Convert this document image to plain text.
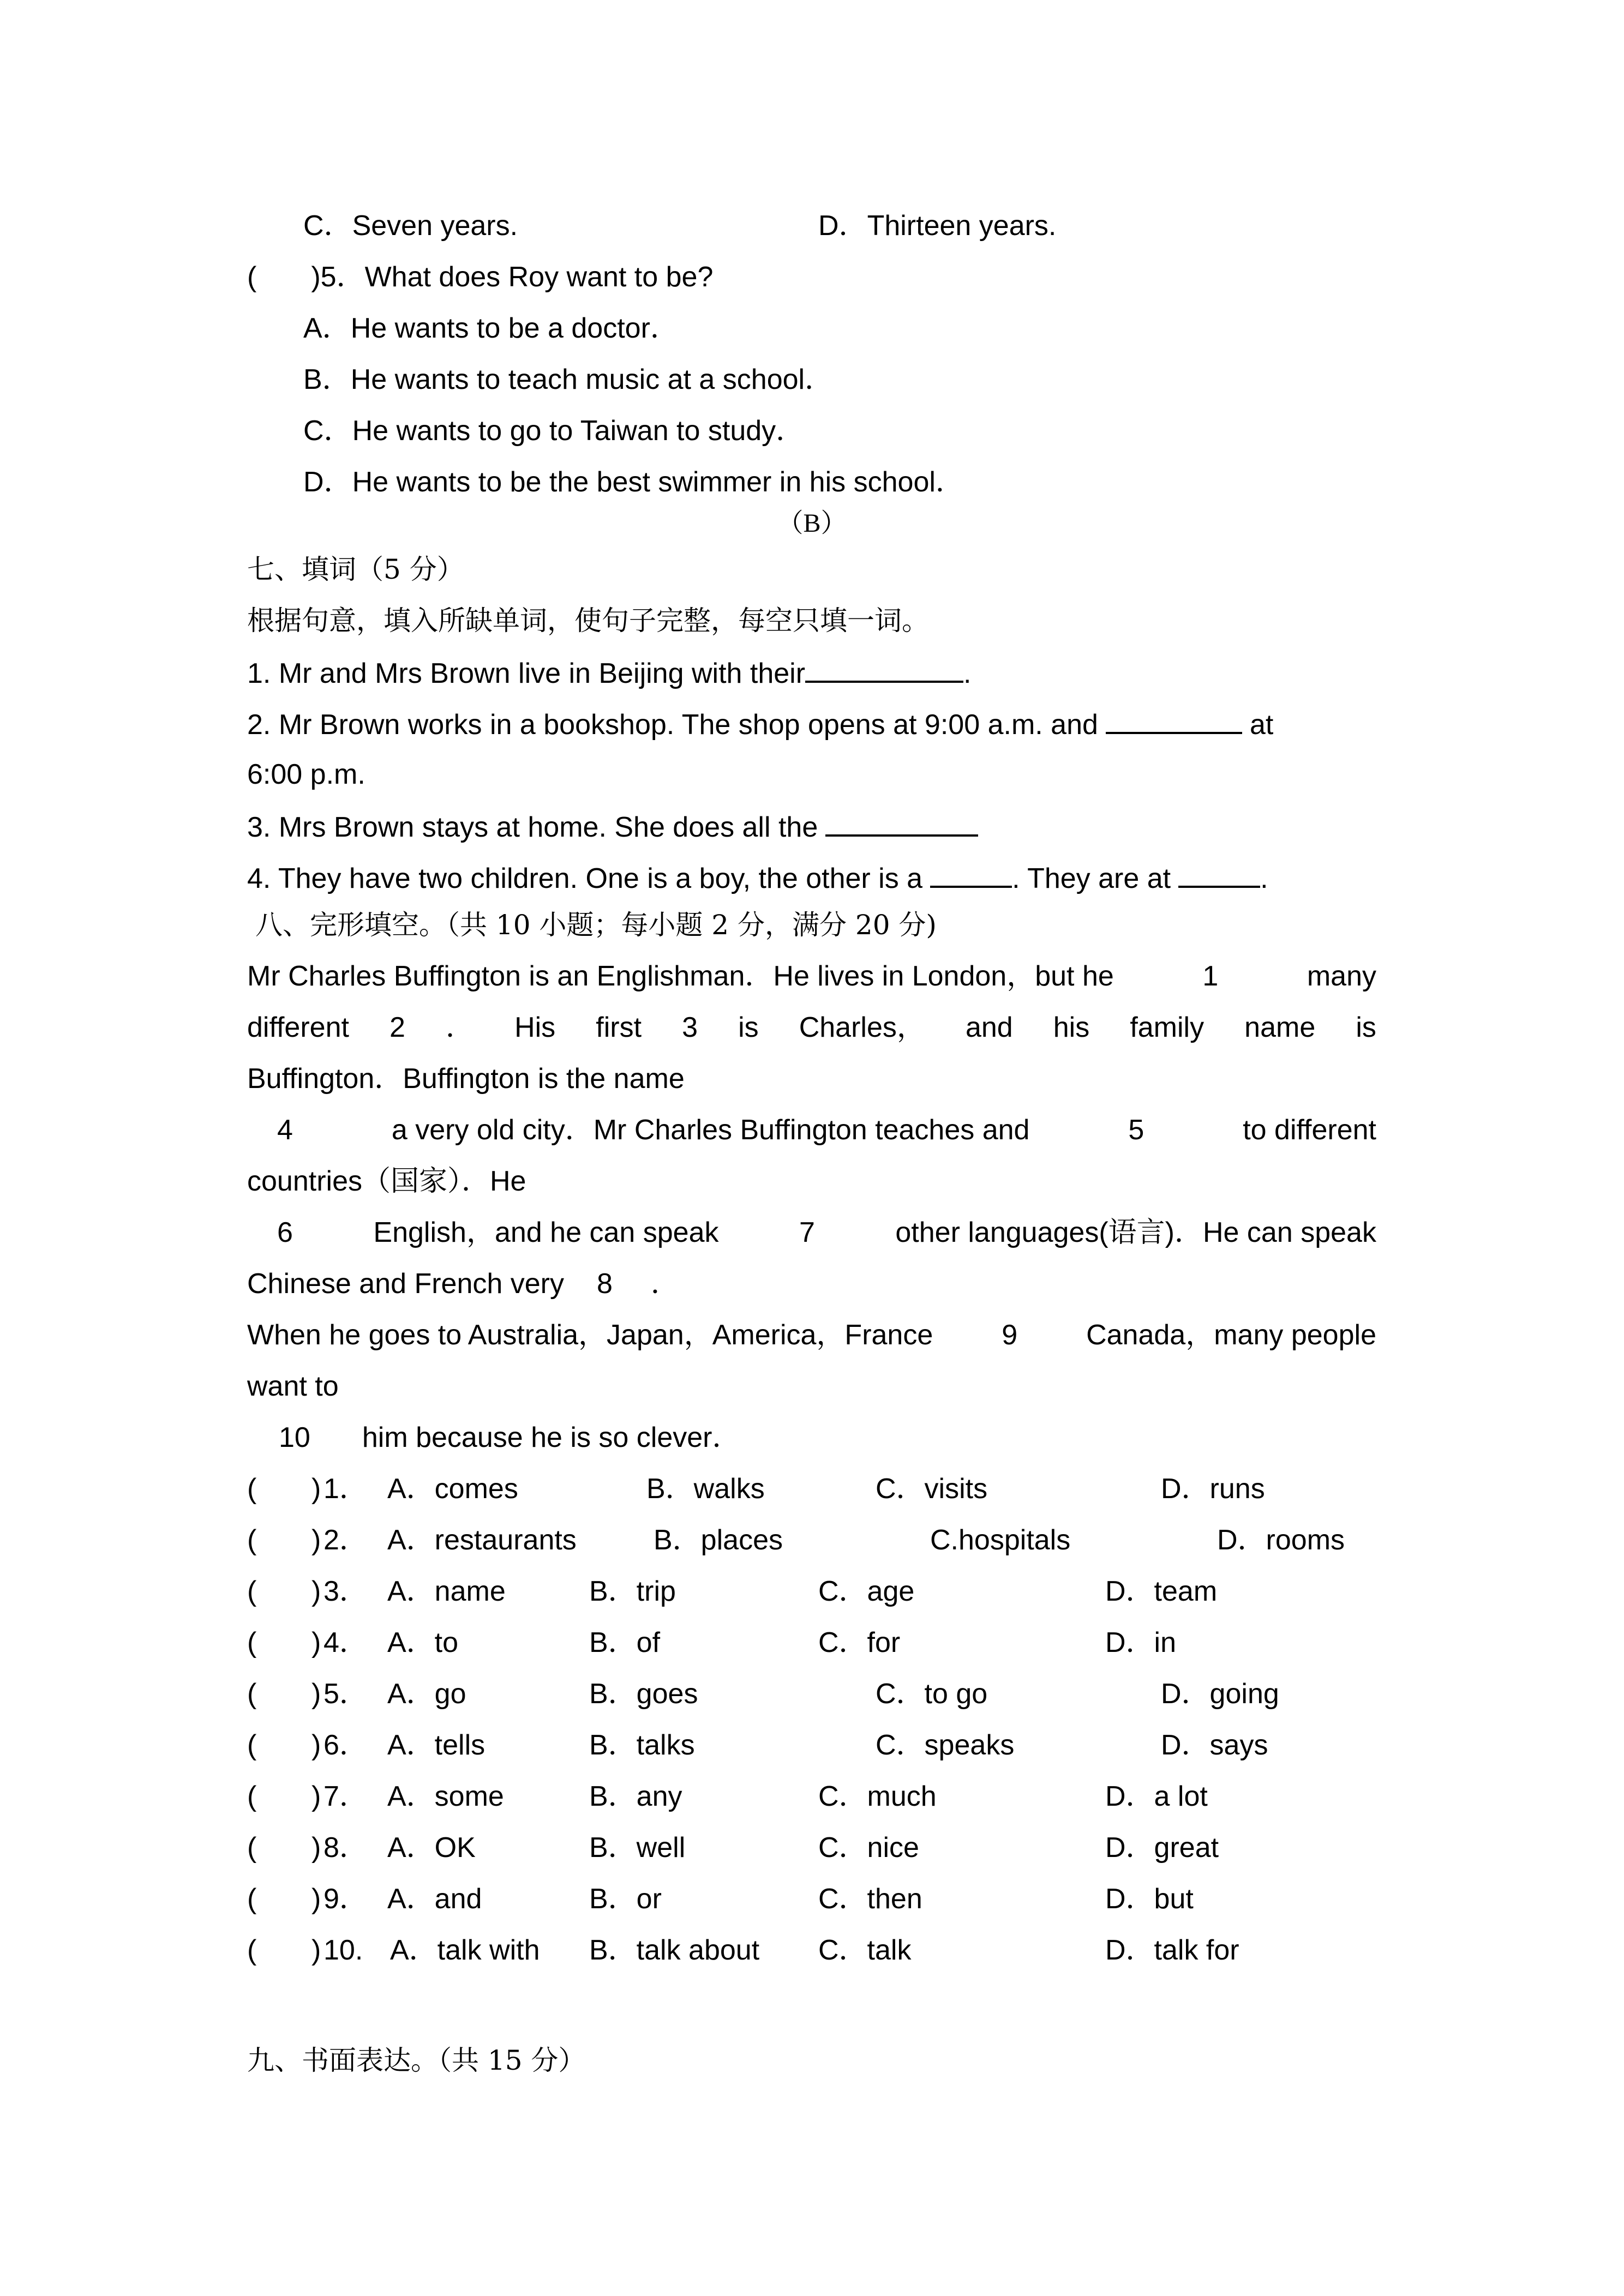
C．Seven years.	D．Thirteen years.
( )5．What does Roy want to be?
A．He wants to be a doctor．
B．He wants to teach music at a school．
C．He wants to go to Taiwan to study．
D．He wants to be the best swimmer in his school．
（B）
七、填词（5 分）
根据句意，填入所缺单词，使句子完整，每空只填一词。
1. Mr and Mrs Brown live in Beijing with their	.
2. Mr Brown works in a bookshop. The shop opens at 9:00 a.m. and	at
6:00 p.m.
3. Mrs Brown stays at home. She does all the
4. They have two children. One is a boy, the other is a	. They are at	.
八、完形填空。（共 10 小题；每小题 2 分，满分 20 分)
Mr Charles Buffington is an Englishman．He lives in London，but he	1	many
different 2 ． His first 3 is Charles， and his family name is
Buffington．Buffington is the name
4	a very old city．Mr Charles Buffington teaches and	5	to different
countries（国家）．He
6	English，and he can speak	7	other languages(语言)．He can speak
Chinese and French very 8 ．
When he goes to Australia，Japan，America，France 9 Canada，many people
want to
10 him because he is so clever．
( ) 1． A．comes	B．walks	C．visits	D．runs
( ) 2． A．restaurants	B．places	C.hospitals	D．rooms
( ) 3． A．name	B．trip	C．age	D．team
( ) 4． A．to	B．of	C．for	D．in
( ) 5． A．go	B．goes	C．to go	D．going
( ) 6． A．tells	B．talks	C．speaks	D．says
( ) 7． A．some	B．any	C．much	D．a lot
( ) 8． A．OK	B．well	C．nice	D．great
( ) 9． A．and	B．or	C．then	D．but
( ) 10. A．talk with B．talk about C．talk	D．talk for
九、书面表达。（共 15 分）
